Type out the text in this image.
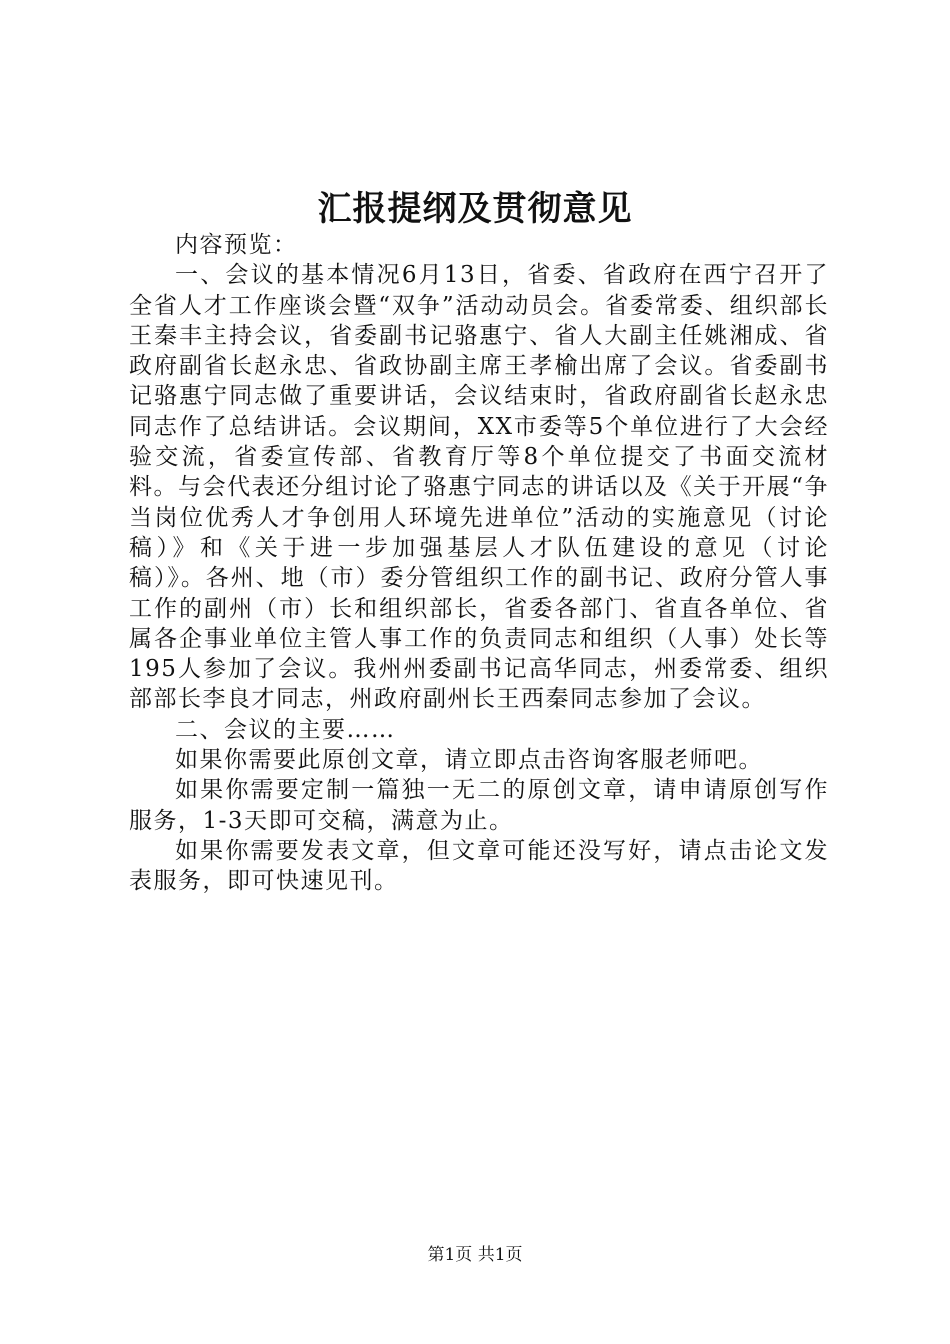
汇报提纲及贯彻意见

内容预览：

一、会议的基本情况6月13日，省委、省政府在西宁召开了全省人才工作座谈会暨“双争”活动动员会。省委常委、组织部长王秦丰主持会议，省委副书记骆惠宁、省人大副主任姚湘成、省政府副省长赵永忠、省政协副主席王孝榆出席了会议。省委副书记骆惠宁同志做了重要讲话，会议结束时，省政府副省长赵永忠同志作了总结讲话。会议期间，XX市委等5个单位进行了大会经验交流，省委宣传部、省教育厅等8个单位提交了书面交流材料。与会代表还分组讨论了骆惠宁同志的讲话以及《关于开展“争当岗位优秀人才争创用人环境先进单位”活动的实施意见（讨论稿）》和《关于进一步加强基层人才队伍建设的意见（讨论稿）》。各州、地（市）委分管组织工作的副书记、政府分管人事工作的副州（市）长和组织部长，省委各部门、省直各单位、省属各企事业单位主管人事工作的负责同志和组织（人事）处长等195人参加了会议。我州州委副书记高华同志，州委常委、组织部部长李良才同志，州政府副州长王西秦同志参加了会议。

二、会议的主要……

如果你需要此原创文章，请立即点击咨询客服老师吧。

如果你需要定制一篇独一无二的原创文章，请申请原创写作服务，1-3天即可交稿，满意为止。

如果你需要发表文章，但文章可能还没写好，请点击论文发表服务，即可快速见刊。

第1页 共1页
